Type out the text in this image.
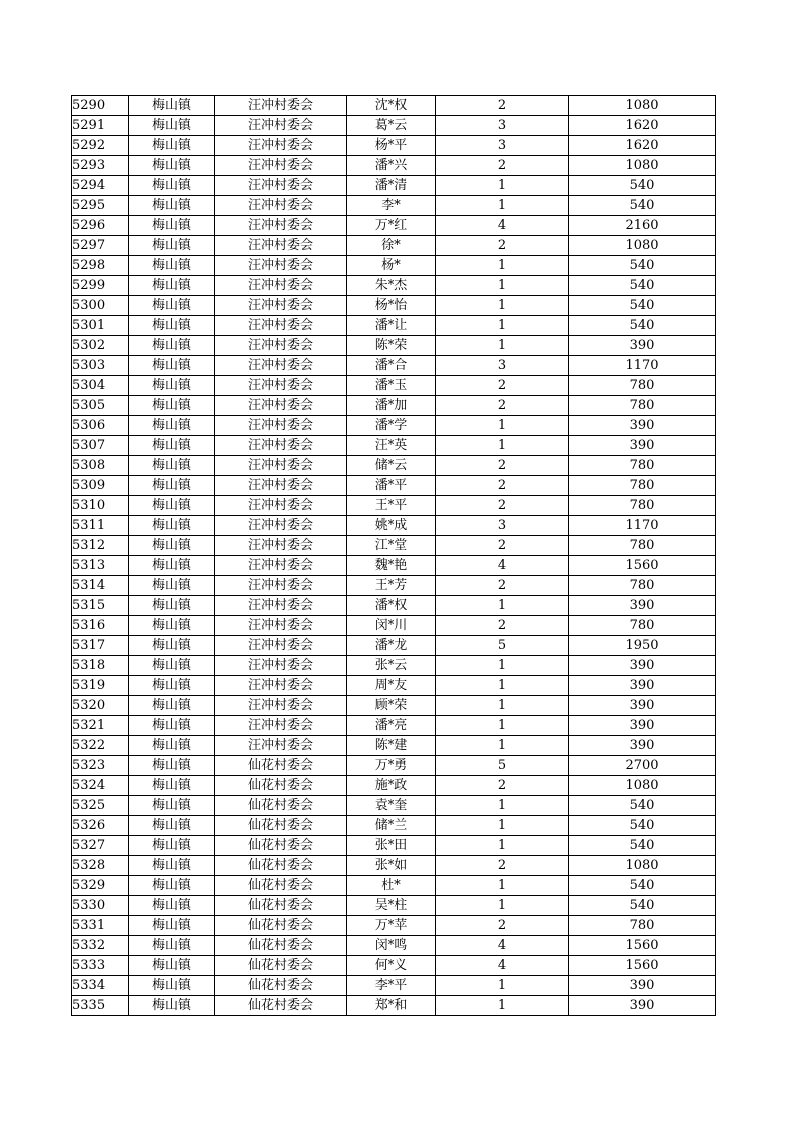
5290	梅山镇	汪冲村委会	沈*权	2	1080
5291	梅山镇	汪冲村委会	葛*云	3	1620
5292	梅山镇	汪冲村委会	杨*平	3	1620
5293	梅山镇	汪冲村委会	潘*兴	2	1080
5294	梅山镇	汪冲村委会	潘*清	1	540
5295	梅山镇	汪冲村委会	李*	1	540
5296	梅山镇	汪冲村委会	万*红	4	2160
5297	梅山镇	汪冲村委会	徐*	2	1080
5298	梅山镇	汪冲村委会	杨*	1	540
5299	梅山镇	汪冲村委会	朱*杰	1	540
5300	梅山镇	汪冲村委会	杨*怡	1	540
5301	梅山镇	汪冲村委会	潘*让	1	540
5302	梅山镇	汪冲村委会	陈*荣	1	390
5303	梅山镇	汪冲村委会	潘*合	3	1170
5304	梅山镇	汪冲村委会	潘*玉	2	780
5305	梅山镇	汪冲村委会	潘*加	2	780
5306	梅山镇	汪冲村委会	潘*学	1	390
5307	梅山镇	汪冲村委会	汪*英	1	390
5308	梅山镇	汪冲村委会	储*云	2	780
5309	梅山镇	汪冲村委会	潘*平	2	780
5310	梅山镇	汪冲村委会	王*平	2	780
5311	梅山镇	汪冲村委会	姚*成	3	1170
5312	梅山镇	汪冲村委会	江*堂	2	780
5313	梅山镇	汪冲村委会	魏*艳	4	1560
5314	梅山镇	汪冲村委会	王*芳	2	780
5315	梅山镇	汪冲村委会	潘*权	1	390
5316	梅山镇	汪冲村委会	闵*川	2	780
5317	梅山镇	汪冲村委会	潘*龙	5	1950
5318	梅山镇	汪冲村委会	张*云	1	390
5319	梅山镇	汪冲村委会	周*友	1	390
5320	梅山镇	汪冲村委会	顾*荣	1	390
5321	梅山镇	汪冲村委会	潘*亮	1	390
5322	梅山镇	汪冲村委会	陈*建	1	390
5323	梅山镇	仙花村委会	万*勇	5	2700
5324	梅山镇	仙花村委会	施*政	2	1080
5325	梅山镇	仙花村委会	袁*奎	1	540
5326	梅山镇	仙花村委会	储*兰	1	540
5327	梅山镇	仙花村委会	张*田	1	540
5328	梅山镇	仙花村委会	张*如	2	1080
5329	梅山镇	仙花村委会	杜*	1	540
5330	梅山镇	仙花村委会	吴*柱	1	540
5331	梅山镇	仙花村委会	万*苹	2	780
5332	梅山镇	仙花村委会	闵*鸣	4	1560
5333	梅山镇	仙花村委会	何*义	4	1560
5334	梅山镇	仙花村委会	李*平	1	390
5335	梅山镇	仙花村委会	郑*和	1	390
